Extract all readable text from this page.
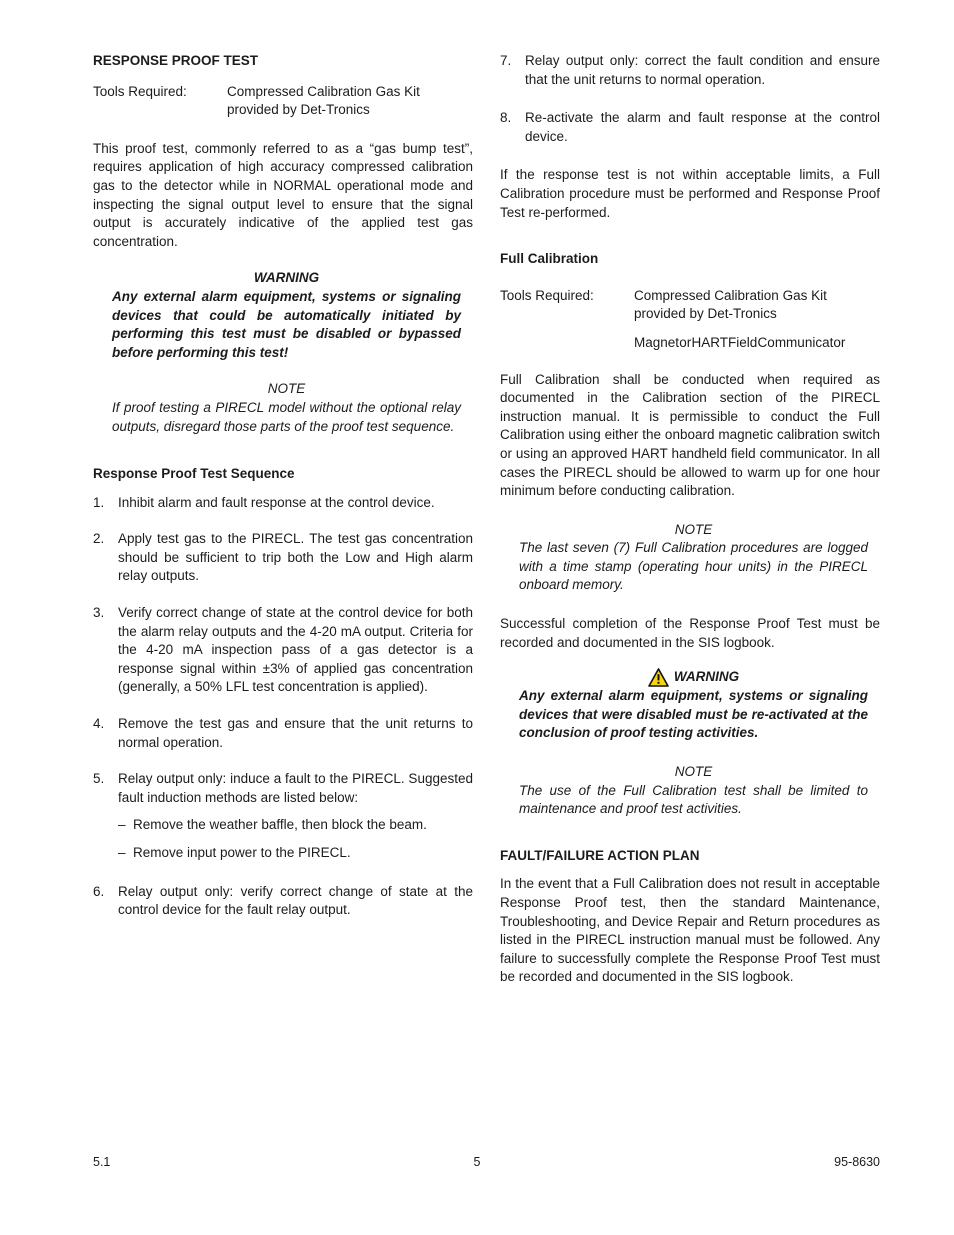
RESPONSE PROOF TEST
Tools Required:	Compressed Calibration Gas Kit
provided by Det-Tronics

This proof test, commonly referred to as a “gas bump test”, requires application of high accuracy compressed calibration gas to the detector while in NORMAL operational mode and inspecting the signal output level to ensure that the signal output is accurately indicative of the applied test gas concentration.

WARNING
Any external alarm equipment, systems or signaling devices that could be automatically initiated by performing this test must be disabled or bypassed before performing this test!
NOTE
If proof testing a PIRECL model without the optional relay outputs, disregard those parts of the proof test sequence.
Response Proof Test Sequence
1.	Inhibit alarm and fault response at the control device.
2.	Apply test gas to the PIRECL. The test gas concentration should be sufficient to trip both the Low and High alarm relay outputs.
3.	Verify correct change of state at the control device for both the alarm relay outputs and the 4-20 mA output. Criteria for the 4-20 mA inspection pass of a gas detector is a response signal within ±3% of applied gas concentration (generally, a 50% LFL test concentration is applied).
4.	Remove the test gas and ensure that the unit returns to normal operation.
5.	Relay output only: induce a fault to the PIRECL. Suggested fault induction methods are listed below:
– Remove the weather baffle, then block the beam.
– Remove input power to the PIRECL.
6.	Relay output only: verify correct change of state at the control device for the fault relay output.
7.	Relay output only: correct the fault condition and ensure that the unit returns to normal operation.
8.	Re-activate the alarm and fault response at the control device.

If the response test is not within acceptable limits, a Full Calibration procedure must be performed and Response Proof Test re-performed.

Full Calibration
Tools Required:	Compressed Calibration Gas Kit
provided by Det-Tronics
Magnet or HART Field Communicator

Full Calibration shall be conducted when required as documented in the Calibration section of the PIRECL instruction manual. It is permissible to conduct the Full Calibration using either the onboard magnetic calibration switch or using an approved HART handheld field communicator. In all cases the PIRECL should be allowed to warm up for one hour minimum before conducting calibration.

NOTE
The last seven (7) Full Calibration procedures are logged with a time stamp (operating hour units) in the PIRECL onboard memory.

Successful completion of the Response Proof Test must be recorded and documented in the SIS logbook.

WARNING
Any external alarm equipment, systems or signaling devices that were disabled must be re-activated at the conclusion of proof testing activities.
NOTE
The use of the Full Calibration test shall be limited to maintenance and proof test activities.
FAULT/FAILURE ACTION PLAN

In the event that a Full Calibration does not result in acceptable Response Proof test, then the standard Maintenance, Troubleshooting, and Device Repair and Return procedures as listed in the PIRECL instruction manual must be followed. Any failure to successfully complete the Response Proof Test must be recorded and documented in the SIS logbook.

5
5.1	95-8630
